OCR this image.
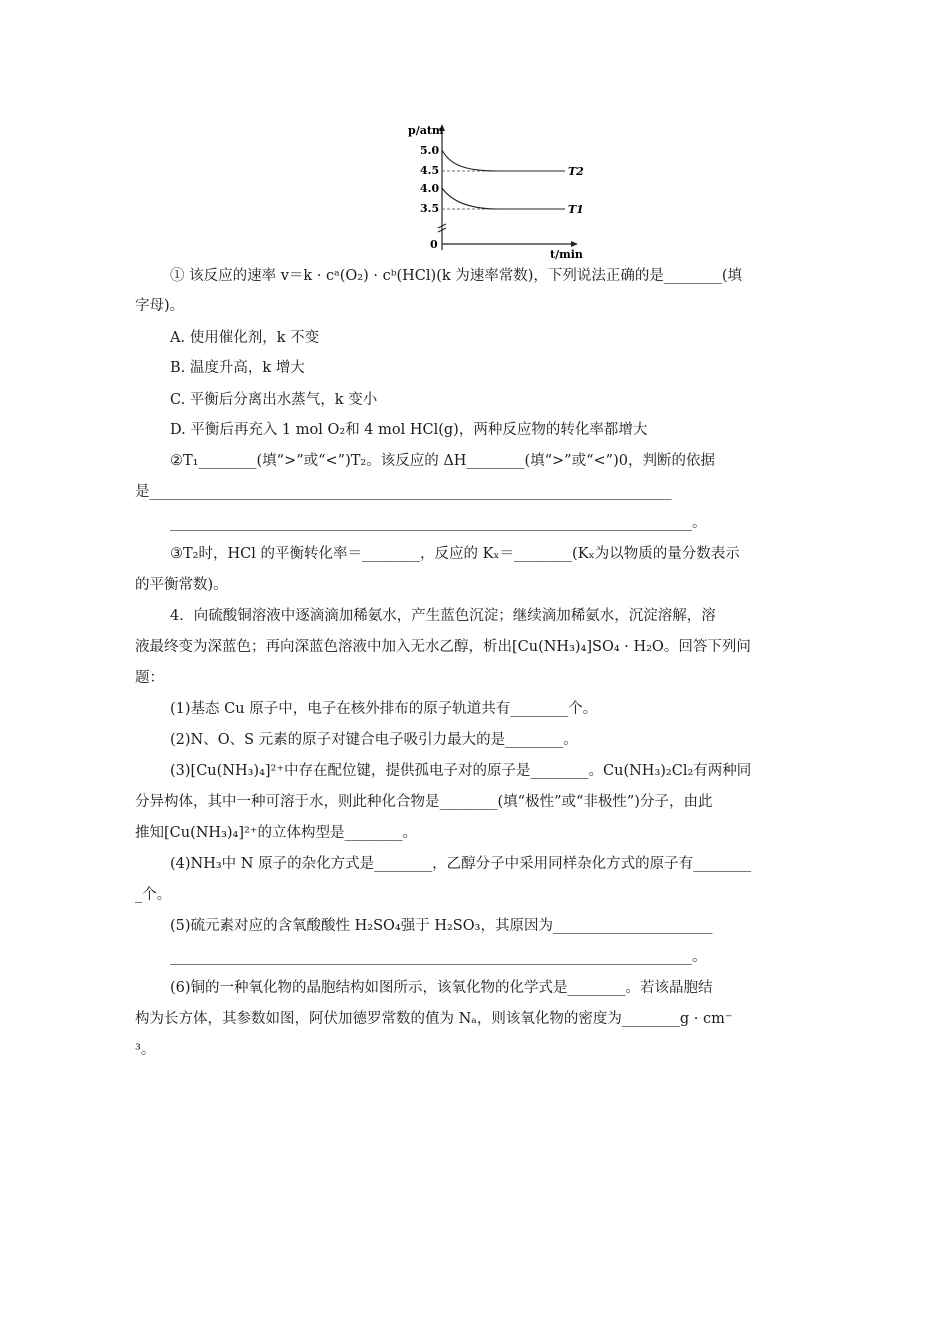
p/atm
t/min
0
5.0
4.5
4.0
3.5
T2
T1
① 该反应的速率 v＝k · cᵃ(O₂) · cᵇ(HCl)(k 为速率常数)，下列说法正确的是________(填
字母)。
A. 使用催化剂，k 不变
B. 温度升高，k 增大
C. 平衡后分离出水蒸气，k 变小
D. 平衡后再充入 1 mol O₂和 4 mol HCl(g)，两种反应物的转化率都增大
②T₁________(填“>”或“<”)T₂。该反应的 ΔH________(填“>”或“<”)0，判断的依据
是________________________________________________________________________
________________________________________________________________________。
③T₂时，HCl 的平衡转化率＝________，反应的 Kₓ＝________(Kₓ为以物质的量分数表示
的平衡常数)。
4．向硫酸铜溶液中逐滴滴加稀氨水，产生蓝色沉淀；继续滴加稀氨水，沉淀溶解，溶
液最终变为深蓝色；再向深蓝色溶液中加入无水乙醇，析出[Cu(NH₃)₄]SO₄ · H₂O。回答下列问
题：
(1)基态 Cu 原子中，电子在核外排布的原子轨道共有________个。
(2)N、O、S 元素的原子对键合电子吸引力最大的是________。
(3)[Cu(NH₃)₄]²⁺中存在配位键，提供孤电子对的原子是________。Cu(NH₃)₂Cl₂有两种同
分异构体，其中一种可溶于水，则此种化合物是________(填“极性”或“非极性”)分子，由此
推知[Cu(NH₃)₄]²⁺的立体构型是________。
(4)NH₃中 N 原子的杂化方式是________，乙醇分子中采用同样杂化方式的原子有________
_个。
(5)硫元素对应的含氧酸酸性 H₂SO₄强于 H₂SO₃，其原因为______________________
________________________________________________________________________。
(6)铜的一种氧化物的晶胞结构如图所示，该氧化物的化学式是________。若该晶胞结
构为长方体，其参数如图，阿伏加德罗常数的值为 Nₐ，则该氧化物的密度为________g · cm⁻
³。
